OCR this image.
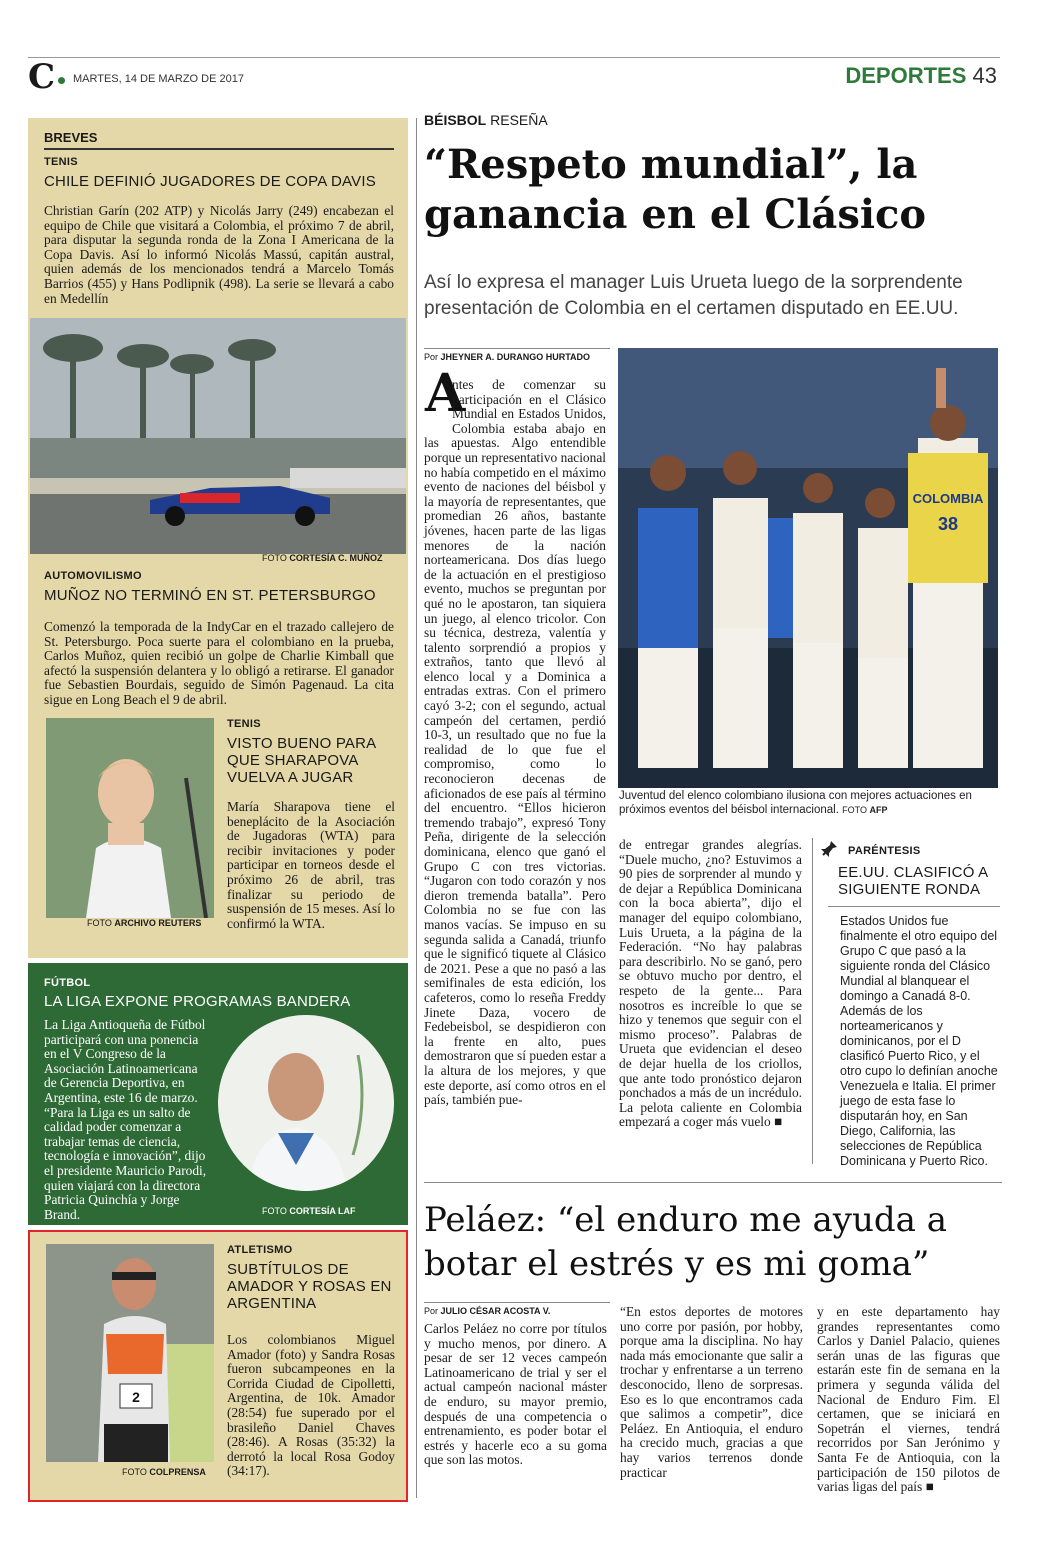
C• MARTES, 14 DE MARZO DE 2017	DEPORTES 43
BREVES
TENIS
CHILE DEFINIÓ JUGADORES DE COPA DAVIS
Christian Garín (202 ATP) y Nicolás Jarry (249) encabezan el equipo de Chile que visitará a Colombia, el próximo 7 de abril, para disputar la segunda ronda de la Zona I Americana de la Copa Davis. Así lo informó Nicolás Massú, capitán austral, quien además de los mencionados tendrá a Marcelo Tomás Barrios (455) y Hans Podlipnik (498). La serie se llevará a cabo en Medellín
FOTO CORTESÍA C. MUÑOZ
AUTOMOVILISMO
MUÑOZ NO TERMINÓ EN ST. PETERSBURGO
Comenzó la temporada de la IndyCar en el trazado callejero de St. Petersburgo. Poca suerte para el colombiano en la prueba, Carlos Muñoz, quien recibió un golpe de Charlie Kimball que afectó la suspensión delantera y lo obligó a retirarse. El ganador fue Sebastien Bourdais, seguido de Simón Pagenaud. La cita sigue en Long Beach el 9 de abril.
FOTO ARCHIVO REUTERS
TENIS
VISTO BUENO PARA QUE SHARAPOVA VUELVA A JUGAR
María Sharapova tiene el beneplácito de la Asociación de Jugadoras (WTA) para recibir invitaciones y poder participar en torneos desde el próximo 26 de abril, tras finalizar su periodo de suspensión de 15 meses. Así lo confirmó la WTA.
FÚTBOL
LA LIGA EXPONE PROGRAMAS BANDERA
La Liga Antioqueña de Fútbol participará con una ponencia en el V Congreso de la Asociación Latinoamericana de Gerencia Deportiva, en Argentina, este 16 de marzo. “Para la Liga es un salto de calidad poder comenzar a trabajar temas de ciencia, tecnología e innovación”, dijo el presidente Mauricio Parodi, quien viajará con la directora Patricia Quinchía y Jorge Brand.	FOTO CORTESÍA LAF
2
FOTO COLPRENSA
ATLETISMO
SUBTÍTULOS DE AMADOR Y ROSAS EN ARGENTINA
Los colombianos Miguel Amador (foto) y Sandra Rosas fueron subcampeones en la Corrida Ciudad de Cipolletti, Argentina, de 10k. Amador (28:54) fue superado por el brasileño Daniel Chaves (28:46). A Rosas (35:32) la derrotó la local Rosa Godoy (34:17).
BÉISBOL RESEÑA
“Respeto mundial”, la ganancia en el Clásico
Así lo expresa el manager Luis Urueta luego de la sorprendente presentación de Colombia en el certamen disputado en EE.UU.
Por JHEYNER A. DURANGO HURTADO
A
ntes de comenzar su participación en el Clásico Mundial en Estados Unidos, Colombia estaba abajo en las apuestas. Algo entendible porque un representativo nacional no había competido en el máximo evento de naciones del béisbol y la mayoría de representantes, que promedian 26 años, bastante jóvenes, hacen parte de las ligas menores de la nación norteamericana. Dos días luego de la actuación en el prestigioso evento, muchos se preguntan por qué no le apostaron, tan siquiera un juego, al elenco tricolor. Con su técnica, destreza, valentía y talento sorprendió a propios y extraños, tanto que llevó al elenco local y a Dominica a entradas extras. Con el primero cayó 3-2; con el segundo, actual campeón del certamen, perdió 10-3, un resultado que no fue la realidad de lo que fue el compromiso, como lo reconocieron decenas de aficionados de ese país al término del encuentro. “Ellos hicieron tremendo trabajo”, expresó Tony Peña, dirigente de la selección dominicana, elenco que ganó el Grupo C con tres victorias. “Jugaron con todo corazón y nos dieron tremenda batalla”. Pero Colombia no se fue con las manos vacías. Se impuso en su segunda salida a Canadá, triunfo que le significó tiquete al Clásico de 2021. Pese a que no pasó a las semifinales de esta edición, los cafeteros, como lo reseña Freddy Jinete Daza, vocero de Fedebeisbol, se despidieron con la frente en alto, pues demostraron que sí pueden estar a la altura de los mejores, y que este deporte, así como otros en el país, también pue-
COLOMBIA
38
Juventud del elenco colombiano ilusiona con mejores actuaciones en próximos eventos del béisbol internacional. FOTO AFP
de entregar grandes alegrías. “Duele mucho, ¿no? Estuvimos a 90 pies de sorprender al mundo y de dejar a República Dominicana con la boca abierta”, dijo el manager del equipo colombiano, Luis Urueta, a la página de la Federación. “No hay palabras para describirlo. No se ganó, pero se obtuvo mucho por dentro, el respeto de la gente... Para nosotros es increíble lo que se hizo y tenemos que seguir con el mismo proceso”. Palabras de Urueta que evidencian el deseo de dejar huella de los criollos, que ante todo pronóstico dejaron ponchados a más de un incrédulo. La pelota caliente en Colombia empezará a coger más vuelo ■
PARÉNTESIS
EE.UU. CLASIFICÓ A SIGUIENTE RONDA
Estados Unidos fue finalmente el otro equipo del Grupo C que pasó a la siguiente ronda del Clásico Mundial al blanquear el domingo a Canadá 8-0. Además de los norteamericanos y dominicanos, por el D clasificó Puerto Rico, y el otro cupo lo definían anoche Venezuela e Italia. El primer juego de esta fase lo disputarán hoy, en San Diego, California, las selecciones de República Dominicana y Puerto Rico.
Peláez: “el enduro me ayuda a botar el estrés y es mi goma”
Por JULIO CÉSAR ACOSTA V.
Carlos Peláez no corre por títulos y mucho menos, por dinero. A pesar de ser 12 veces campeón Latinoamericano de trial y ser el actual campeón nacional máster de enduro, su mayor premio, después de una competencia o entrenamiento, es poder botar el estrés y hacerle eco a su goma que son las motos.
“En estos deportes de motores uno corre por pasión, por hobby, porque ama la disciplina. No hay nada más emocionante que salir a trochar y enfrentarse a un terreno desconocido, lleno de sorpresas. Eso es lo que encontramos cada que salimos a competir”, dice Peláez. En Antioquia, el enduro ha crecido much, gracias a que hay varios terrenos donde practicar
y en este departamento hay grandes representantes como Carlos y Daniel Palacio, quienes serán unas de las figuras que estarán este fin de semana en la primera y segunda válida del Nacional de Enduro Fim. El certamen, que se iniciará en Sopetrán el viernes, tendrá recorridos por San Jerónimo y Santa Fe de Antioquia, con la participación de 150 pilotos de varias ligas del país ■
